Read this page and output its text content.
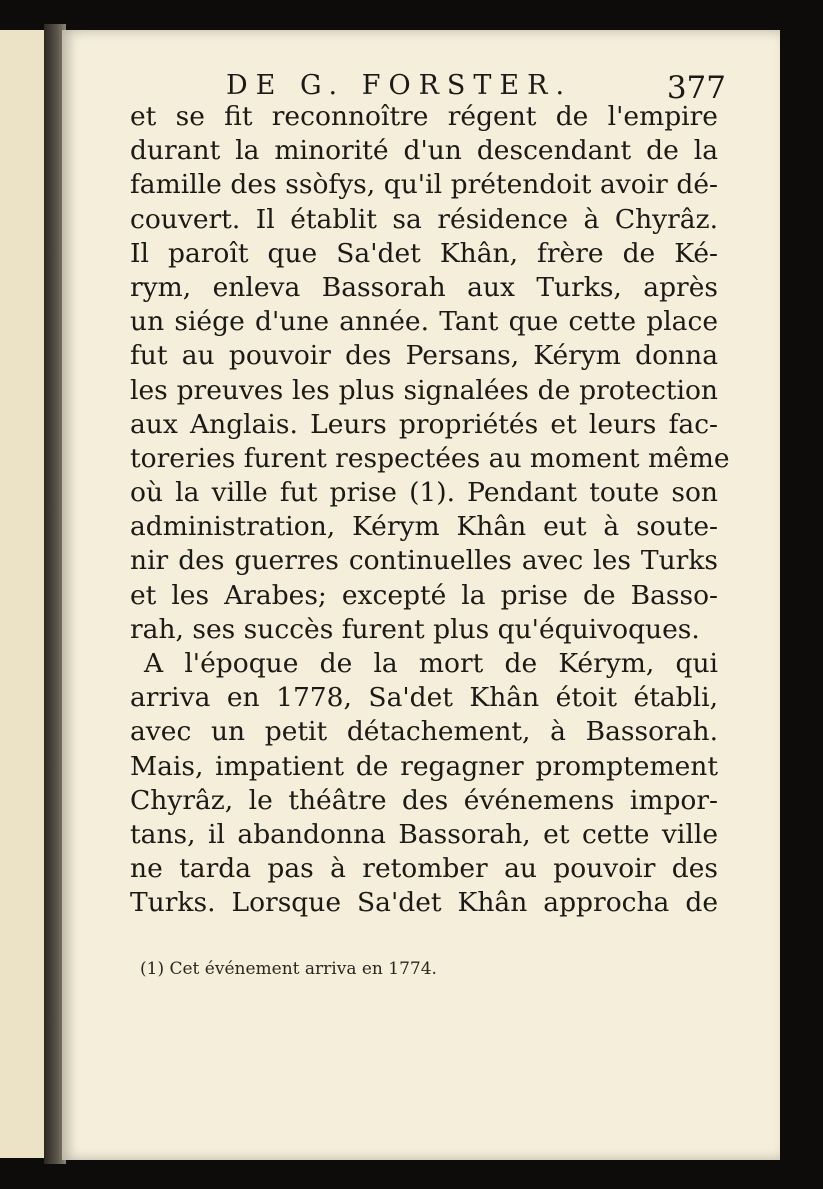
DE G. FORSTER.	377
et se fit reconnoître régent de l'empire
durant la minorité d'un descendant de la
famille des ssòfys, qu'il prétendoit avoir dé-
couvert. Il établit sa résidence à Chyrâz.
Il paroît que Sa'det Khân, frère de Ké-
rym, enleva Bassorah aux Turks, après
un siége d'une année. Tant que cette place
fut au pouvoir des Persans, Kérym donna
les preuves les plus signalées de protection
aux Anglais. Leurs propriétés et leurs fac-
toreries furent respectées au moment même
où la ville fut prise (1). Pendant toute son
administration, Kérym Khân eut à soute-
nir des guerres continuelles avec les Turks
et les Arabes; excepté la prise de Basso-
rah, ses succès furent plus qu'équivoques.
A l'époque de la mort de Kérym, qui
arriva en 1778, Sa'det Khân étoit établi,
avec un petit détachement, à Bassorah.
Mais, impatient de regagner promptement
Chyrâz, le théâtre des événemens impor-
tans, il abandonna Bassorah, et cette ville
ne tarda pas à retomber au pouvoir des
Turks. Lorsque Sa'det Khân approcha de
(1) Cet événement arriva en 1774.
